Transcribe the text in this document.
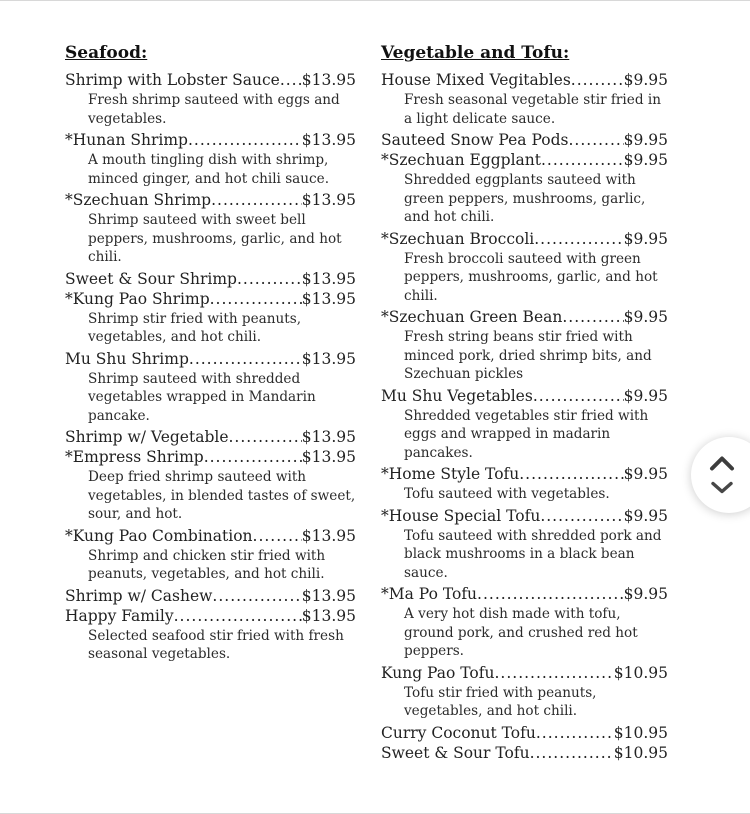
Seafood:
Shrimp with Lobster Sauce ..... $13.95

Fresh shrimp sauteed with eggs and vegetables.

*Hunan Shrimp .....	$13.95

A mouth tingling dish with shrimp, minced ginger, and hot chili sauce.

*Szechuan Shrimp .....	$13.95

Shrimp sauteed with sweet bell peppers, mushrooms, garlic, and hot chili.

Sweet & Sour Shrimp .....	$13.95
*Kung Pao Shrimp .....	$13.95

Shrimp stir fried with peanuts, vegetables, and hot chili.

Mu Shu Shrimp .....	$13.95

Shrimp sauteed with shredded vegetables wrapped in Mandarin pancake.

Shrimp w/ Vegetable .....	$13.95
*Empress Shrimp .....	$13.95

Deep fried shrimp sauteed with vegetables, in blended tastes of sweet, sour, and hot.

*Kung Pao Combination .....	$13.95

Shrimp and chicken stir fried with peanuts, vegetables, and hot chili.

Shrimp w/ Cashew .....	$13.95
Happy Family .....	$13.95

Selected seafood stir fried with fresh seasonal vegetables.

Vegetable and Tofu:
House Mixed Vegitables .....	$9.95

Fresh seasonal vegetable stir fried in a light delicate sauce.

Sauteed Snow Pea Pods .....	$9.95
*Szechuan Eggplant .....	$9.95

Shredded eggplants sauteed with green peppers, mushrooms, garlic, and hot chili.

*Szechuan Broccoli .....	$9.95

Fresh broccoli sauteed with green peppers, mushrooms, garlic, and hot chili.

*Szechuan Green Bean .....	$9.95

Fresh string beans stir fried with minced pork, dried shrimp bits, and Szechuan pickles

Mu Shu Vegetables .....	$9.95

Shredded vegetables stir fried with eggs and wrapped in madarin pancakes.

*Home Style Tofu .....	$9.95

Tofu sauteed with vegetables.

*House Special Tofu .....	$9.95

Tofu sauteed with shredded pork and black mushrooms in a black bean sauce.

*Ma Po Tofu .....	$9.95

A very hot dish made with tofu, ground pork, and crushed red hot peppers.

Kung Pao Tofu .....	$10.95

Tofu stir fried with peanuts, vegetables, and hot chili.

Curry Coconut Tofu .....	$10.95
Sweet & Sour Tofu .....	$10.95
